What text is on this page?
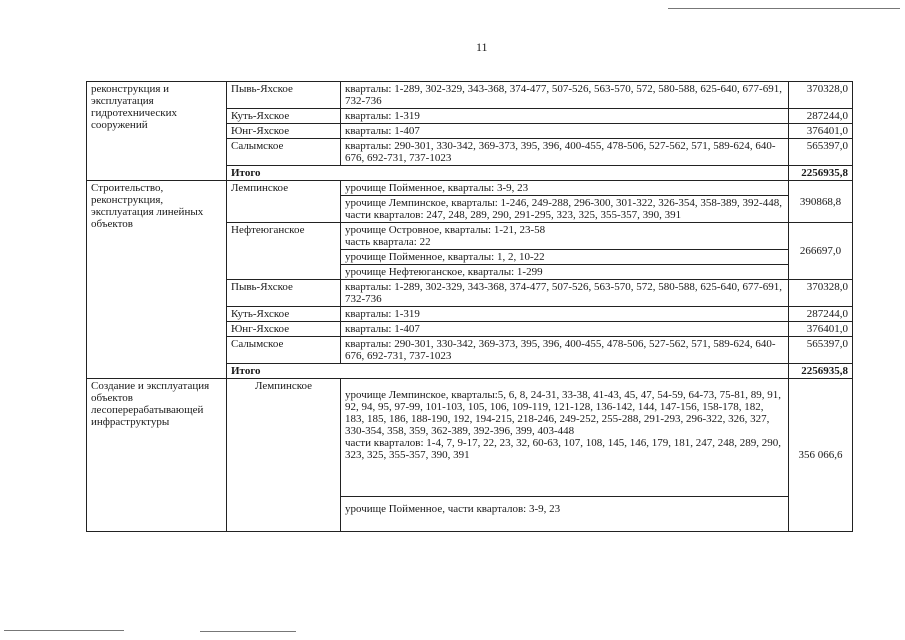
11
реконструкция и эксплуатация гидротехнических сооружений	Пывь-Яхское	кварталы: 1-289, 302-329, 343-368, 374-477, 507-526, 563-570, 572, 580-588, 625-640, 677-691, 732-736	370328,0
	Куть-Яхское	кварталы: 1-319	287244,0
	Юнг-Яхское	кварталы: 1-407	376401,0
	Салымское	кварталы: 290-301, 330-342, 369-373, 395, 396, 400-455, 478-506, 527-562, 571, 589-624, 640-676, 692-731, 737-1023	565397,0
	Итого		2256935,8
Строительство, реконструкция, эксплуатация линейных объектов	Лемпинское	урочище Пойменное, кварталы: 3-9, 23	390868,8

		урочище Лемпинское, кварталы: 1-246, 249-288, 296-300, 301-322, 326-354, 358-389, 392-448,
части кварталов: 247, 248, 289, 290, 291-295, 323, 325, 355-357, 390, 391	

	Нефтеюганское	урочище Островное, кварталы: 1-21, 23-58
часть квартала: 22	266697,0
		урочище Пойменное, кварталы: 1, 2, 10-22	
		урочище Нефтеюганское, кварталы: 1-299	
	Пывь-Яхское	кварталы: 1-289, 302-329, 343-368, 374-477, 507-526, 563-570, 572, 580-588, 625-640, 677-691, 732-736	370328,0
	Куть-Яхское	кварталы: 1-319	287244,0
	Юнг-Яхское	кварталы: 1-407	376401,0
	Салымское	кварталы: 290-301, 330-342, 369-373, 395, 396, 400-455, 478-506, 527-562, 571, 589-624, 640-676, 692-731, 737-1023	565397,0
	Итого		2256935,8
Создание и эксплуатация объектов лесоперерабатывающей инфраструктуры	Лемпинское	урочище Лемпинское, кварталы:5, 6, 8, 24-31, 33-38, 41-43, 45, 47, 54-59, 64-73, 75-81, 89, 91, 92, 94, 95, 97-99, 101-103, 105, 106, 109-119, 121-128, 136-142, 144, 147-156, 158-178, 182, 183, 185, 186, 188-190, 192, 194-215, 218-246, 249-252, 255-288, 291-293, 296-322, 326, 327, 330-354, 358, 359, 362-389, 392-396, 399, 403-448
части кварталов: 1-4, 7, 9-17, 22, 23, 32, 60-63, 107, 108, 145, 146, 179, 181, 247, 248, 289, 290, 323, 325, 355-357, 390, 391	356 066,6
		урочище Пойменное, части кварталов: 3-9, 23	
